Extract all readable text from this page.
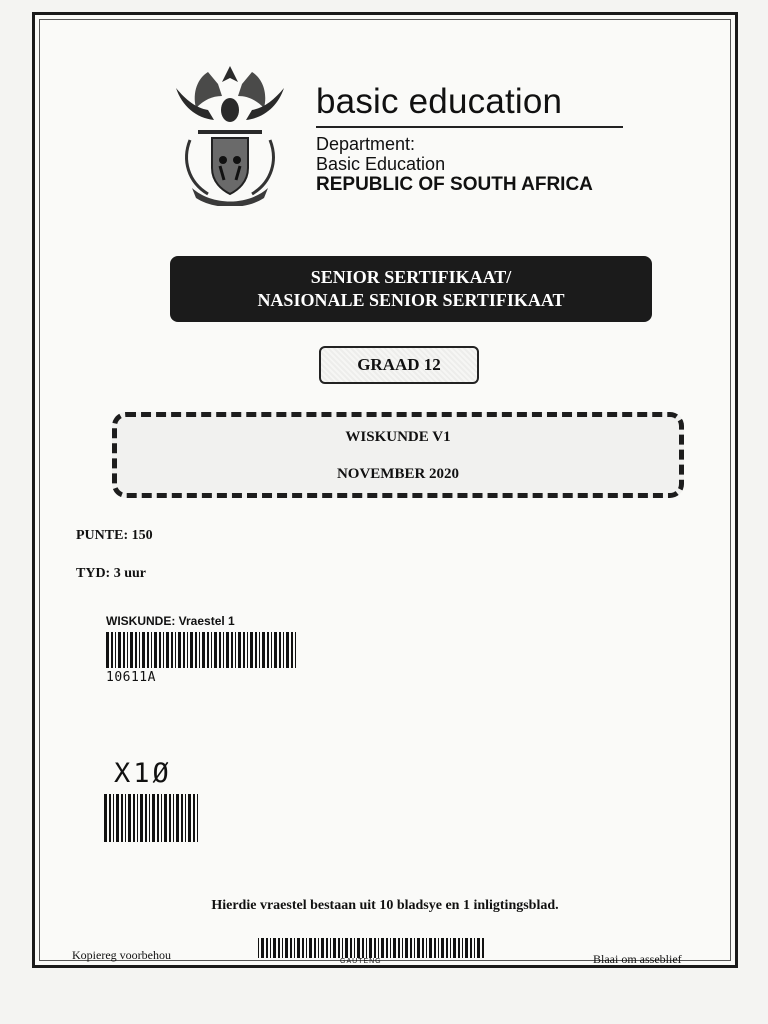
basic education
Department:
Basic Education
REPUBLIC OF SOUTH AFRICA
SENIOR SERTIFIKAAT/
NASIONALE SENIOR SERTIFIKAAT
GRAAD 12
WISKUNDE V1
NOVEMBER 2020
PUNTE: 150
TYD: 3 uur
WISKUNDE: Vraestel 1
10611A
X1Ø
Hierdie vraestel bestaan uit 10 bladsye en 1 inligtingsblad.
Kopiereg voorbehou	GAUTENG	Blaai om asseblief
